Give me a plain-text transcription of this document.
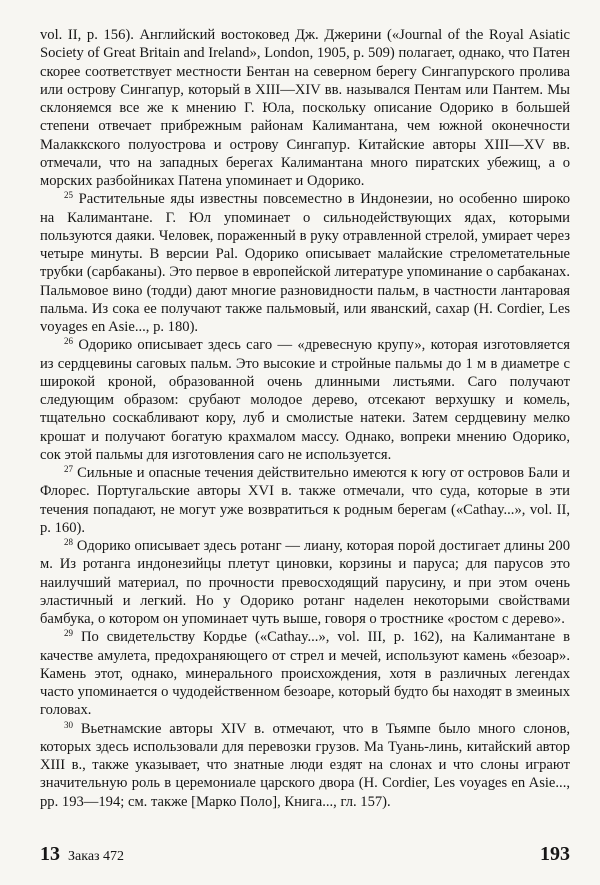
vol. II, p. 156). Английский востоковед Дж. Джерини («Journal of the Royal Asiatic Society of Great Britain and Ireland», London, 1905, p. 509) полагает, однако, что Патен скорее соответствует местности Бентан на северном берегу Сингапурского пролива или острову Сингапур, который в XIII—XIV вв. назывался Пентам или Пантем. Мы склоняемся все же к мнению Г. Юла, поскольку описание Одорико в большей степени отвечает прибрежным районам Калимантана, чем южной оконечности Малаккского полуострова и острову Сингапур. Китайские авторы XIII—XV вв. отмечали, что на западных берегах Калимантана много пиратских убежищ, а о морских разбойниках Патена упоминает и Одорико.

$^{25}$ Растительные яды известны повсеместно в Индонезии, но особенно широко на Калимантане. Г. Юл упоминает о сильнодействующих ядах, которыми пользуются даяки. Человек, пораженный в руку отравленной стрелой, умирает через четыре минуты. В версии Pal. Одорико описывает малайские стрелометательные трубки (сарбаканы). Это первое в европейской литературе упоминание о сарбаканах. Пальмовое вино (тодди) дают многие разновидности пальм, в частности лантаровая пальма. Из сока ее получают также пальмовый, или яванский, сахар (H. Cordier, Les voyages en Asie..., p. 180).

$^{26}$ Одорико описывает здесь саго — «древесную крупу», которая изготовляется из сердцевины саговых пальм. Это высокие и стройные пальмы до 1 м в диаметре с широкой кроной, образованной очень длинными листьями. Саго получают следующим образом: срубают молодое дерево, отсекают верхушку и комель, тщательно соскабливают кору, луб и смолистые натеки. Затем сердцевину мелко крошат и получают богатую крахмалом массу. Однако, вопреки мнению Одорико, сок этой пальмы для изготовления саго не используется.

$^{27}$ Сильные и опасные течения действительно имеются к югу от островов Бали и Флорес. Португальские авторы XVI в. также отмечали, что суда, которые в эти течения попадают, не могут уже возвратиться к родным берегам («Cathay...», vol. II, p. 160).

$^{28}$ Одорико описывает здесь ротанг — лиану, которая порой достигает длины 200 м. Из ротанга индонезийцы плетут циновки, корзины и паруса; для парусов это наилучший материал, по прочности превосходящий парусину, и при этом очень эластичный и легкий. Но у Одорико ротанг наделен некоторыми свойствами бамбука, о котором он упоминает чуть выше, говоря о тростнике «ростом с дерево».

$^{29}$ По свидетельству Кордье («Cathay...», vol. III, p. 162), на Калимантане в качестве амулета, предохраняющего от стрел и мечей, используют камень «безоар». Камень этот, однако, минерального происхождения, хотя в различных легендах часто упоминается о чудодейственном безоаре, который будто бы находят в змеиных головах.

$^{30}$ Вьетнамские авторы XIV в. отмечают, что в Тьямпе было много слонов, которых здесь использовали для перевозки грузов. Ма Туань-линь, китайский автор XIII в., также указывает, что знатные люди ездят на слонах и что слоны играют значительную роль в церемониале царского двора (H. Cordier, Les voyages en Asie..., pp. 193—194; см. также [Марко Поло], Книга..., гл. 157).

13 Заказ 472	193
